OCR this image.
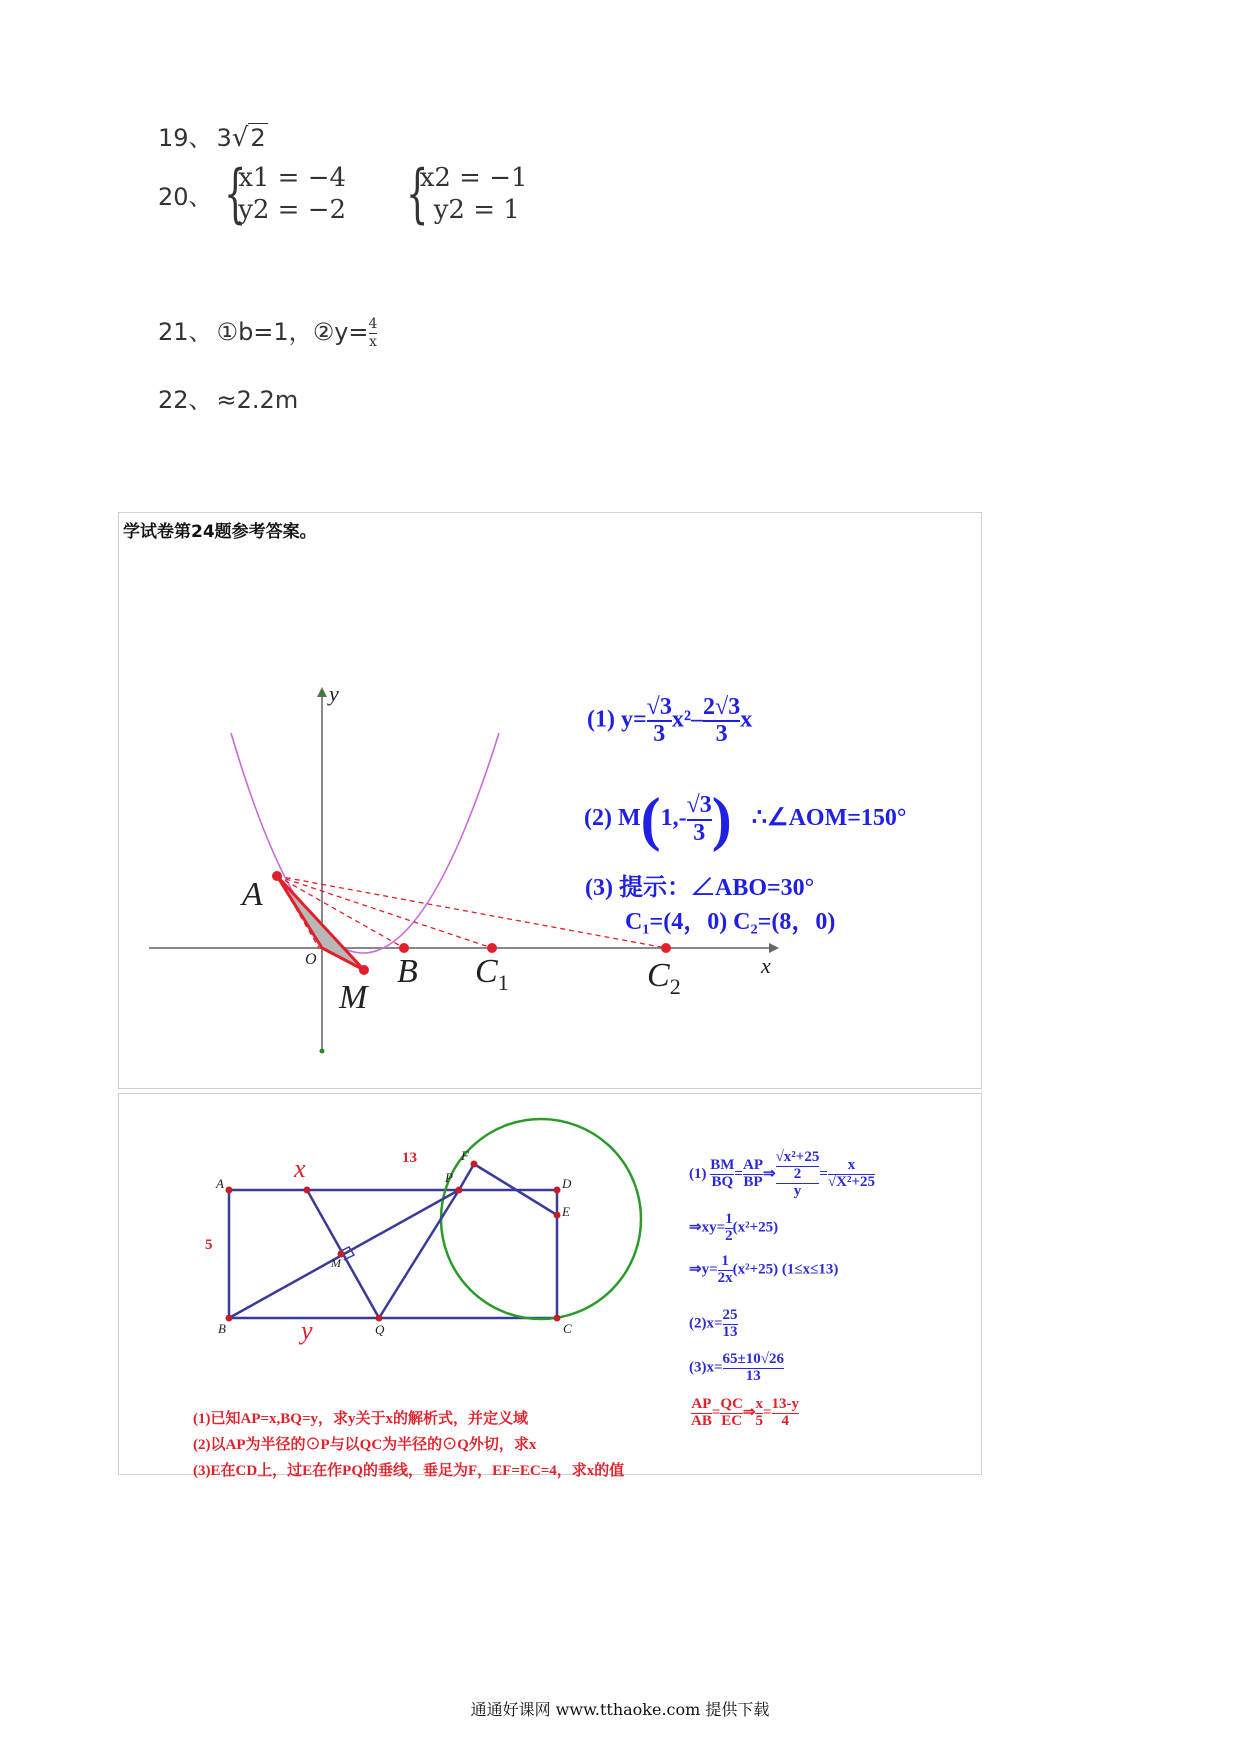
19、 3√2
20、 {
x1 = −4
y2 = −2
{
x2 = −1
y2 = 1
21、 ①b=1，②y= $\frac{4}{x}$
22、 ≈2.2m
学试卷第24题参考答案。
A
O
M
B $C_1$	$C_2$
x
y
(1) $y= \frac{√3}{3} x^2- \frac{2√3}{3}$ x
(2) $M(1,- \frac{√3}{3}$ ) ∴∠AOM=150°
(3) 提示：∠ABO=30°
C₁=(4，0) C₂=(8，0)
x
y
5
13
A
B	C
D
E
F
P
Q
M
$(1) \frac{BM}{BQ} = \frac{AP}{BP}$ ⇒ $\frac{\frac{\text{√x²+25}}{2}}{y} = \frac{x}{\text{√X²+25}}$
⇒xy= $\frac{1}{2} (x^2+25)$
⇒y= $\frac{1}{2x} (x^2+25)$ (1≤x≤13)
$(2)x= \frac{25}{13}$
$(3)x= \frac{65\pm 10√26}{13}$
$\frac{AP}{AB} = \frac{QC}{EC}$ ⇒ $\frac{x}{5} = \frac{13-y}{4}$
(1)已知AP=x,BQ=y，求y关于x的解析式，并定义域
(2)以AP为半径的⊙P与以QC为半径的⊙Q外切，求x
(3)E在CD上，过E在作PQ的垂线，垂足为F，EF=EC=4，求x的值
通通好课网 www.tthaoke.com 提供下载
